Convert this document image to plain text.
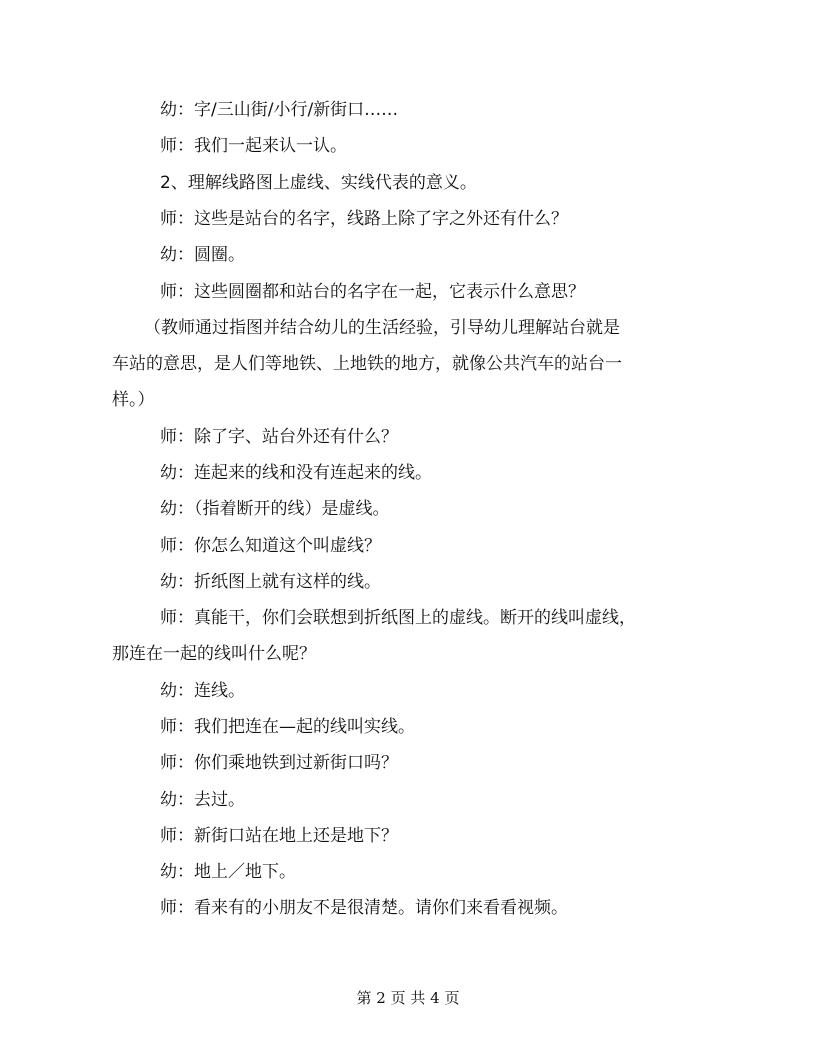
幼：字/三山街/小行/新街口……
师：我们一起来认一认。
2、理解线路图上虚线、实线代表的意义。
师：这些是站台的名字，线路上除了字之外还有什么？
幼：圆圈。
师：这些圆圈都和站台的名字在一起，它表示什么意思？
（教师通过指图并结合幼儿的生活经验，引导幼儿理解站台就是
车站的意思，是人们等地铁、上地铁的地方，就像公共汽车的站台一
样。）
师：除了字、站台外还有什么？
幼：连起来的线和没有连起来的线。
幼：（指着断开的线）是虚线。
师：你怎么知道这个叫虚线？
幼：折纸图上就有这样的线。
师：真能干，你们会联想到折纸图上的虚线。断开的线叫虚线，
那连在一起的线叫什么呢？
幼：连线。
师：我们把连在—起的线叫实线。
师：你们乘地铁到过新街口吗？
幼：去过。
师：新街口站在地上还是地下？
幼：地上／地下。
师：看来有的小朋友不是很清楚。请你们来看看视频。
第 2 页 共 4 页
